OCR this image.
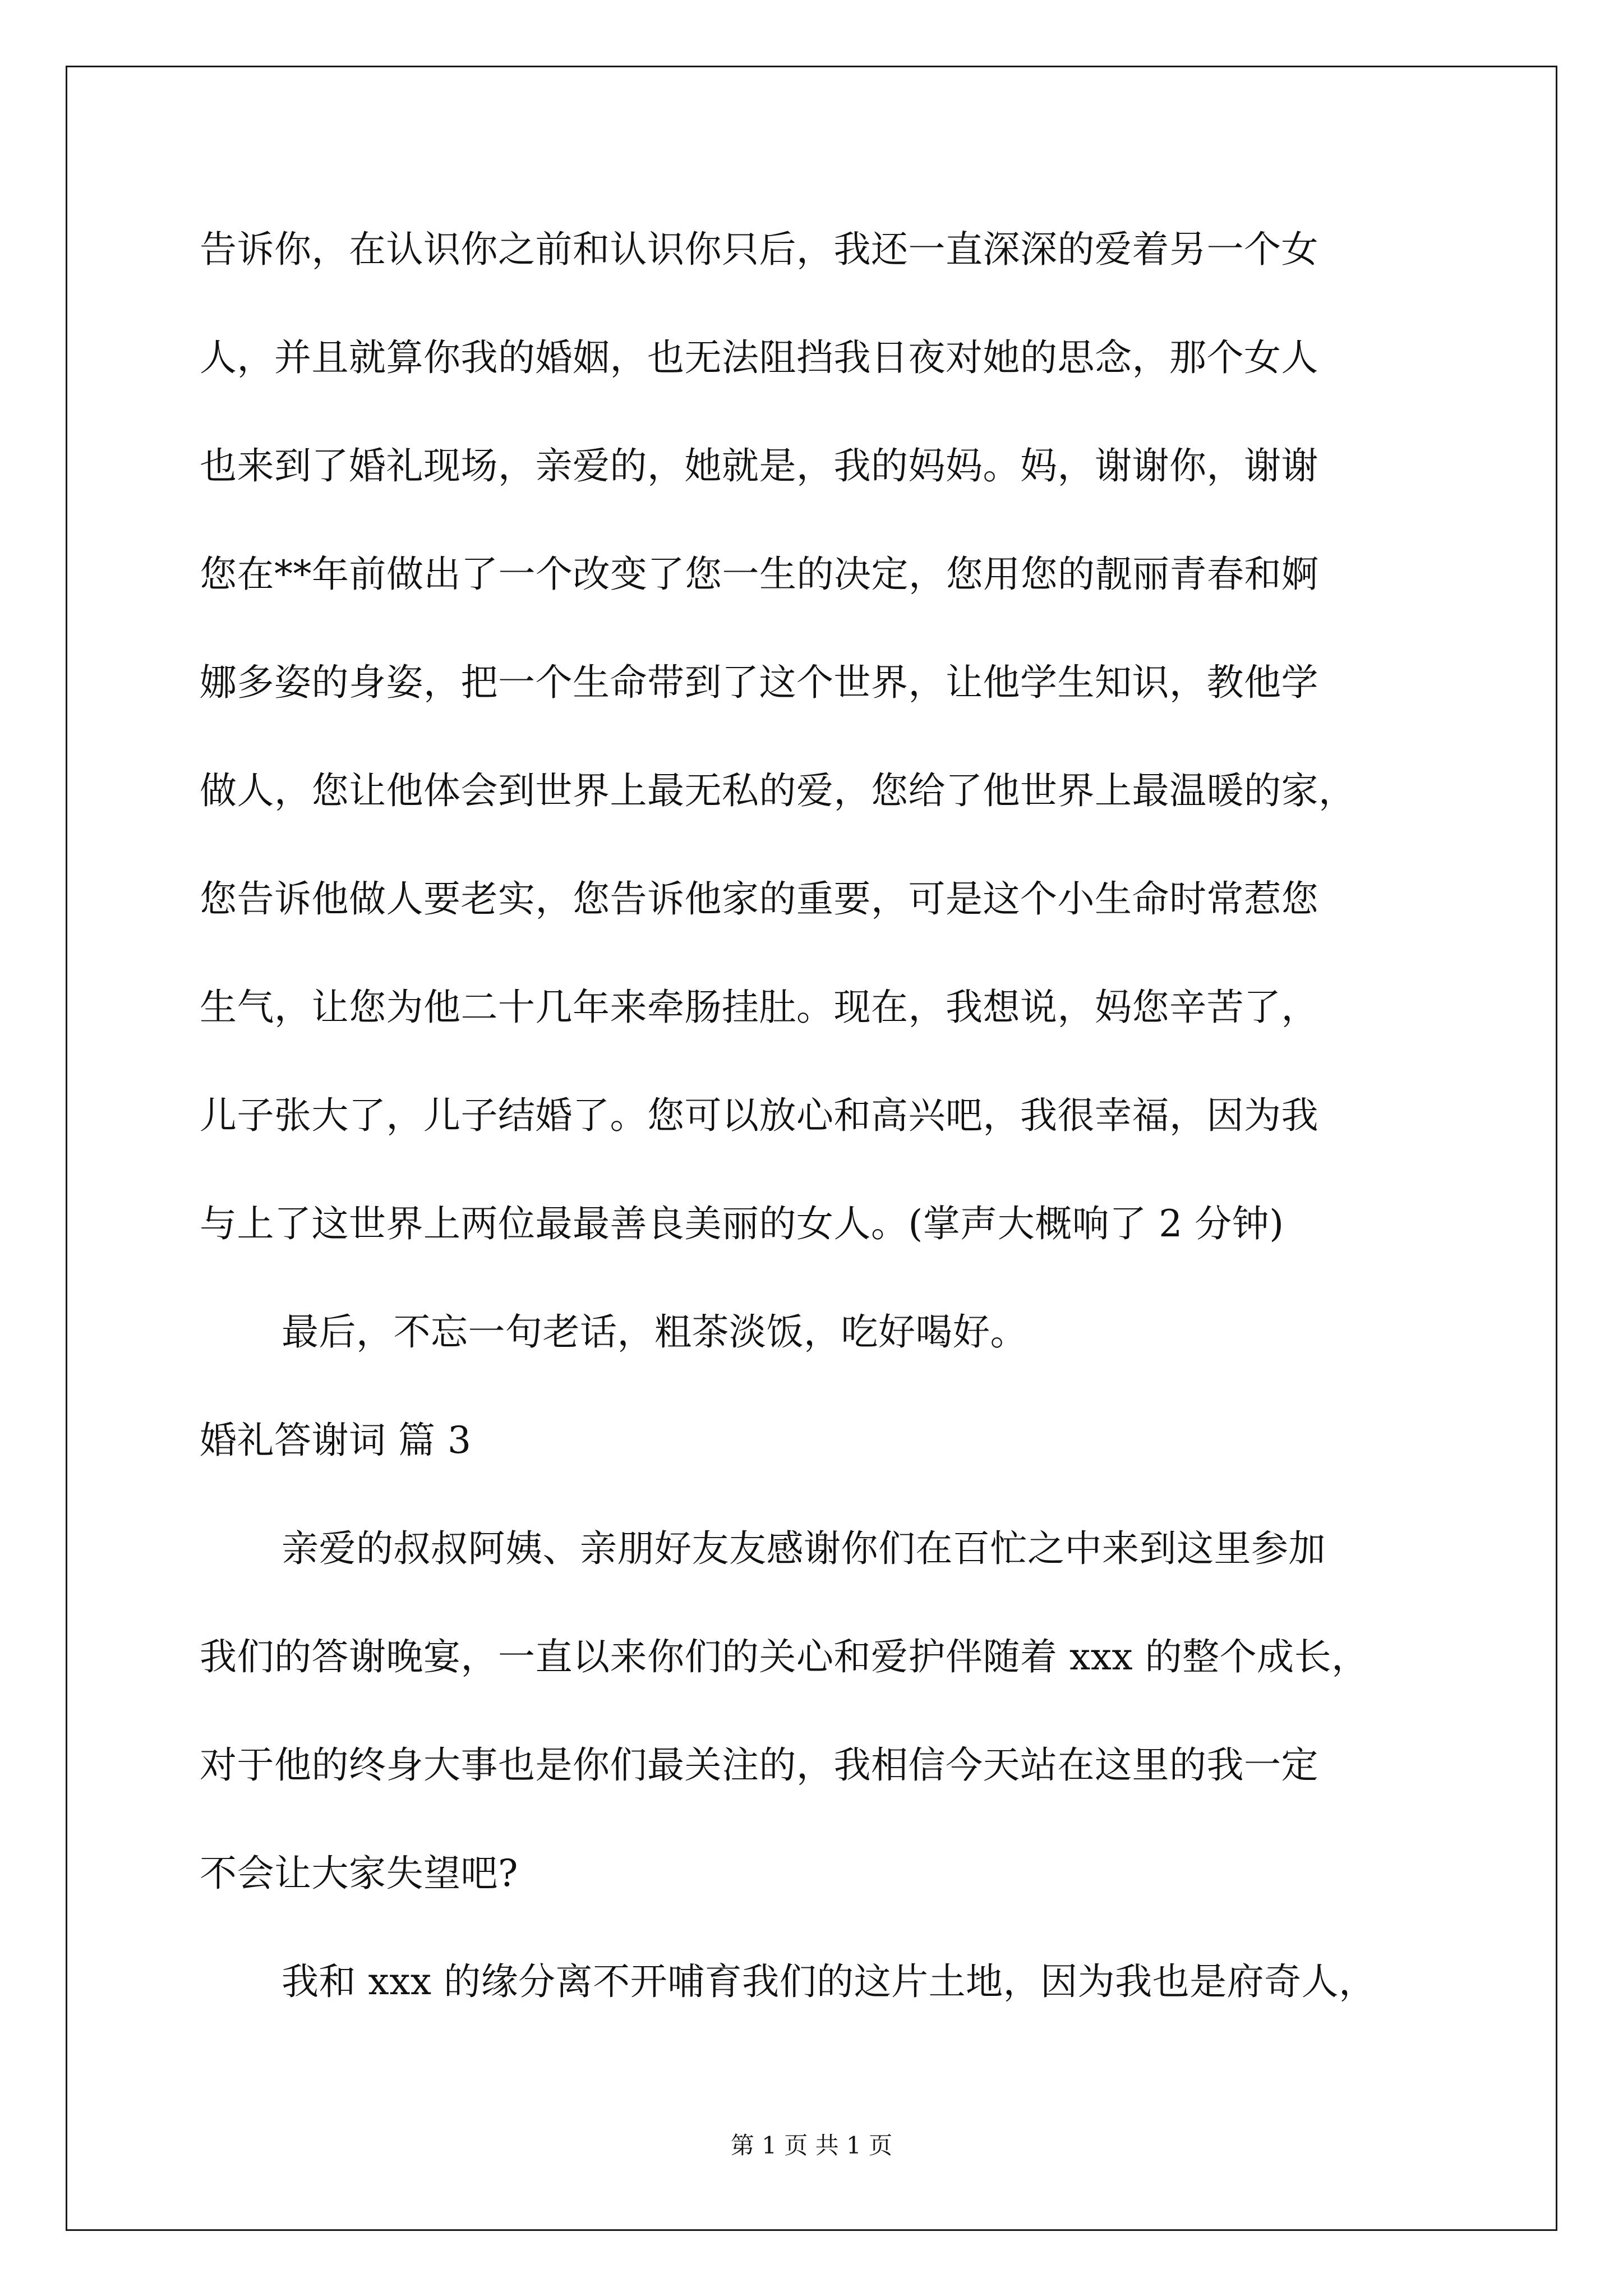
告诉你，在认识你之前和认识你只后，我还一直深深的爱着另一个女

人，并且就算你我的婚姻，也无法阻挡我日夜对她的思念，那个女人

也来到了婚礼现场，亲爱的，她就是，我的妈妈。妈，谢谢你，谢谢

您在**年前做出了一个改变了您一生的决定，您用您的靓丽青春和婀

娜多姿的身姿，把一个生命带到了这个世界，让他学生知识，教他学

做人，您让他体会到世界上最无私的爱，您给了他世界上最温暖的家，

您告诉他做人要老实，您告诉他家的重要，可是这个小生命时常惹您

生气，让您为他二十几年来牵肠挂肚。现在，我想说，妈您辛苦了，

儿子张大了，儿子结婚了。您可以放心和高兴吧，我很幸福，因为我

与上了这世界上两位最最善良美丽的女人。(掌声大概响了 2 分钟)

最后，不忘一句老话，粗茶淡饭，吃好喝好。

婚礼答谢词 篇 3

亲爱的叔叔阿姨、亲朋好友友感谢你们在百忙之中来到这里参加

我们的答谢晚宴，一直以来你们的关心和爱护伴随着 xxx 的整个成长，

对于他的终身大事也是你们最关注的，我相信今天站在这里的我一定

不会让大家失望吧?

我和 xxx 的缘分离不开哺育我们的这片土地，因为我也是府奇人，

第 1 页 共 1 页
